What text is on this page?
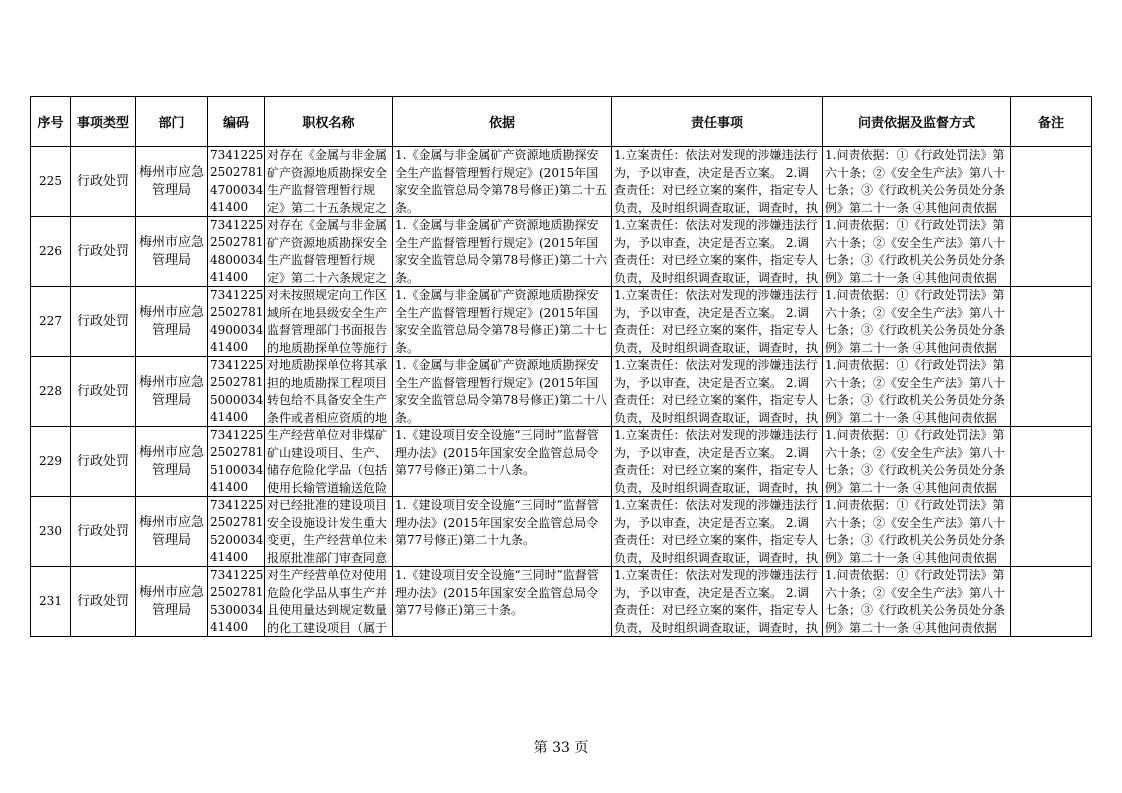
序号	事项类型	部门	编码	职权名称	依据	责任事项	问责依据及监督方式	备注

225	行政处罚	梅州市应急管理局	734122525027814700034 41400	对存在《金属与非金属矿产资源地质勘探安全生产监督管理暂行规定》第二十五条规定之	1.《金属与非金属矿产资源地质勘探安全生产监督管理暂行规定》(2015年国家安全监管总局令第78号修正)第二十五条。	1.立案责任：依法对发现的涉嫌违法行为，予以审查，决定是否立案。 2.调查责任：对已经立案的案件，指定专人负责，及时组织调查取证，调查时，执	1.问责依据：①《行政处罚法》第六十条；②《安全生产法》第八十七条；③《行政机关公务员处分条例》第二十一条 ④其他问责依据	

226	行政处罚	梅州市应急管理局	734122525027814800034 41400	对存在《金属与非金属矿产资源地质勘探安全生产监督管理暂行规定》第二十六条规定之	1.《金属与非金属矿产资源地质勘探安全生产监督管理暂行规定》(2015年国家安全监管总局令第78号修正)第二十六条。	1.立案责任：依法对发现的涉嫌违法行为，予以审查，决定是否立案。 2.调查责任：对已经立案的案件，指定专人负责，及时组织调查取证，调查时，执	1.问责依据：①《行政处罚法》第六十条；②《安全生产法》第八十七条；③《行政机关公务员处分条例》第二十一条 ④其他问责依据	

227	行政处罚	梅州市应急管理局	734122525027814900034 41400	对未按照规定向工作区域所在地县级安全生产监督管理部门书面报告的地质勘探单位等施行	1.《金属与非金属矿产资源地质勘探安全生产监督管理暂行规定》(2015年国家安全监管总局令第78号修正)第二十七条。	1.立案责任：依法对发现的涉嫌违法行为，予以审查，决定是否立案。 2.调查责任：对已经立案的案件，指定专人负责，及时组织调查取证，调查时，执	1.问责依据：①《行政处罚法》第六十条；②《安全生产法》第八十七条；③《行政机关公务员处分条例》第二十一条 ④其他问责依据	

228	行政处罚	梅州市应急管理局	734122525027815000034 41400	对地质勘探单位将其承担的地质勘探工程项目转包给不具备安全生产条件或者相应资质的地	1.《金属与非金属矿产资源地质勘探安全生产监督管理暂行规定》(2015年国家安全监管总局令第78号修正)第二十八条。	1.立案责任：依法对发现的涉嫌违法行为，予以审查，决定是否立案。 2.调查责任：对已经立案的案件，指定专人负责，及时组织调查取证，调查时，执	1.问责依据：①《行政处罚法》第六十条；②《安全生产法》第八十七条；③《行政机关公务员处分条例》第二十一条 ④其他问责依据	

229	行政处罚	梅州市应急管理局	734122525027815100034 41400	生产经营单位对非煤矿矿山建设项目、生产、储存危险化学品（包括使用长输管道输送危险	1.《建设项目安全设施“三同时”监督管理办法》(2015年国家安全监管总局令第77号修正)第二十八条。	1.立案责任：依法对发现的涉嫌违法行为，予以审查，决定是否立案。 2.调查责任：对已经立案的案件，指定专人负责，及时组织调查取证，调查时，执	1.问责依据：①《行政处罚法》第六十条；②《安全生产法》第八十七条；③《行政机关公务员处分条例》第二十一条 ④其他问责依据	

230	行政处罚	梅州市应急管理局	734122525027815200034 41400	对已经批准的建设项目安全设施设计发生重大变更，生产经营单位未报原批准部门审查同意	1.《建设项目安全设施“三同时”监督管理办法》(2015年国家安全监管总局令第77号修正)第二十九条。	1.立案责任：依法对发现的涉嫌违法行为，予以审查，决定是否立案。 2.调查责任：对已经立案的案件，指定专人负责，及时组织调查取证，调查时，执	1.问责依据：①《行政处罚法》第六十条；②《安全生产法》第八十七条；③《行政机关公务员处分条例》第二十一条 ④其他问责依据	

231	行政处罚	梅州市应急管理局	734122525027815300034 41400	对生产经营单位对使用危险化学品从事生产并且使用量达到规定数量的化工建设项目（属于	1.《建设项目安全设施“三同时”监督管理办法》(2015年国家安全监管总局令第77号修正)第三十条。	1.立案责任：依法对发现的涉嫌违法行为，予以审查，决定是否立案。 2.调查责任：对已经立案的案件，指定专人负责，及时组织调查取证，调查时，执	1.问责依据：①《行政处罚法》第六十条；②《安全生产法》第八十七条；③《行政机关公务员处分条例》第二十一条 ④其他问责依据	

第 33 页
